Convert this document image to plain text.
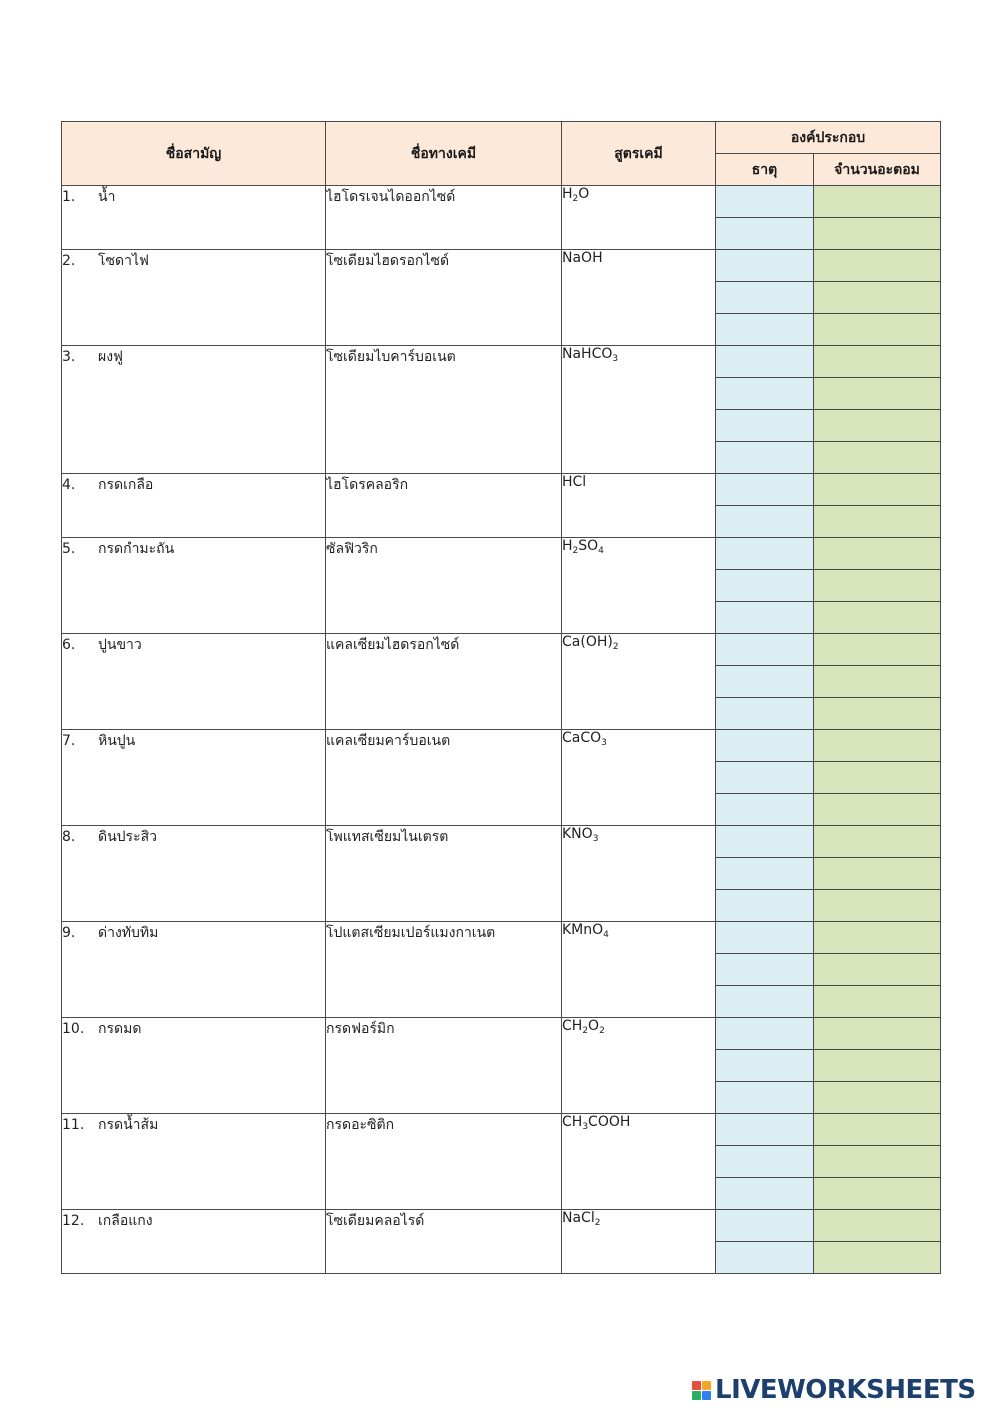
ชื่อสามัญ	ชื่อทางเคมี	สูตรเคมี	องค์ประกอบ	
			ธาตุ	จำนวนอะตอม
1. น้ำ	ไฮโดรเจนไดออกไซด์	$H_2O$		

2. โซดาไฟ	โซเดียมไฮดรอกไซด์	NaOH		

3. ผงฟู	โซเดียมไบคาร์บอเนต	NaHCO$_3$		

4. กรดเกลือ	ไฮโดรคลอริก	HCl		

5. กรดกำมะถัน	ซัลฟิวริก	$H_2SO_4$		

6. ปูนขาว	แคลเซียมไฮดรอกไซด์	$Ca(OH)_2$		

7. หินปูน	แคลเซียมคาร์บอเนต	CaCO$_3$		

8. ดินประสิว	โพแทสเซียมไนเตรต	$KNO_3$		

9. ด่างทับทิม	โปแตสเซียมเปอร์แมงกาเนต	KMnO$_4$		

10. กรดมด	กรดฟอร์มิก	$CH_2O_2$		

11. กรดน้ำส้ม	กรดอะซิติก	$CH_3COOH$		

12. เกลือแกง	โซเดียมคลอไรด์	NaCl$_2$		

LIVEWORKSHEETS
